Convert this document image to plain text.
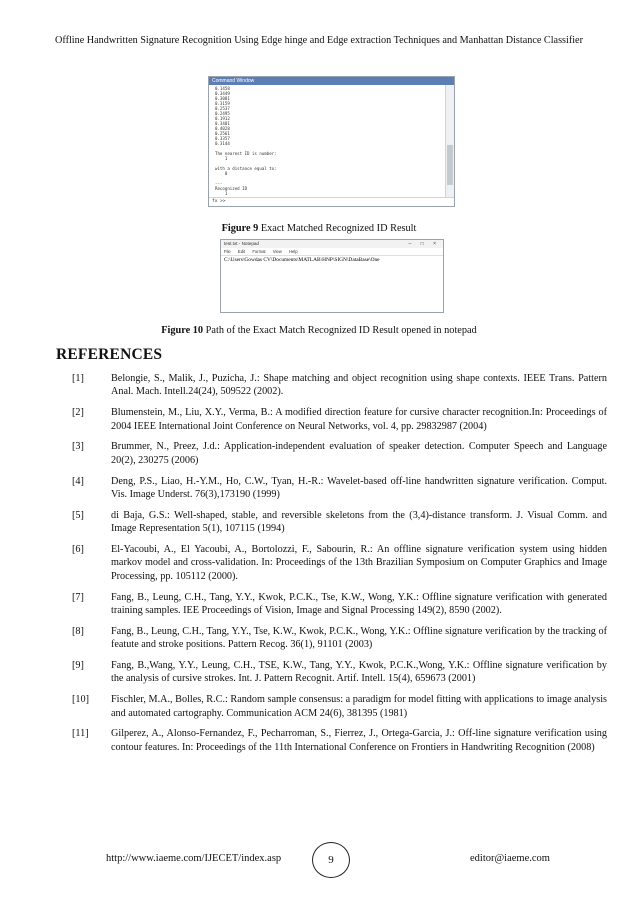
Offline Handwritten Signature Recognition Using Edge hinge and Edge extraction Techniques and Manhattan Distance Classifier
Command Window
0.1458
0.3449
0.3081
0.3159
0.2537
0.2495
0.1912
0.3401
0.4028
0.2561
0.3357
0.3144
The nearest ID is number:
1
with a distance equal to:
0
---
Recognized ID
1
fx >>
Figure 9 Exact Matched Recognized ID Result
test.txt - Notepad	– □ ×
File Edit Format View Help
C:\Users\Gowdas CV\Documents\MATLAB\HNP\SIGN\DataBase\One
Figure 10 Path of the Exact Match Recognized ID Result opened in notepad
REFERENCES
[1]	Belongie, S., Malik, J., Puzicha, J.: Shape matching and object recognition using shape contexts. IEEE Trans. Pattern Anal. Mach. Intell.24(24), 509522 (2002).
[2]	Blumenstein, M., Liu, X.Y., Verma, B.: A modified direction feature for cursive character recognition.In: Proceedings of 2004 IEEE International Joint Conference on Neural Networks, vol. 4, pp. 29832987 (2004)
[3]	Brummer, N., Preez, J.d.: Application-independent evaluation of speaker detection. Computer Speech and Language 20(2), 230275 (2006)
[4]	Deng, P.S., Liao, H.-Y.M., Ho, C.W., Tyan, H.-R.: Wavelet-based off-line handwritten signature verification. Comput. Vis. Image Underst. 76(3),173190 (1999)
[5]	di Baja, G.S.: Well-shaped, stable, and reversible skeletons from the (3,4)-distance transform. J. Visual Comm. and Image Representation 5(1), 107115 (1994)
[6]	El-Yacoubi, A., El Yacoubi, A., Bortolozzi, F., Sabourin, R.: An offline signature verification system using hidden markov model and cross-validation. In: Proceedings of the 13th Brazilian Symposium on Computer Graphics and Image Processing, pp. 105112 (2000).
[7]	Fang, B., Leung, C.H., Tang, Y.Y., Kwok, P.C.K., Tse, K.W., Wong, Y.K.: Offline signature verification with generated training samples. IEE Proceedings of Vision, Image and Signal Processing 149(2), 8590 (2002).
[8]	Fang, B., Leung, C.H., Tang, Y.Y., Tse, K.W., Kwok, P.C.K., Wong, Y.K.: Offline signature verification by the tracking of featute and stroke positions. Pattern Recog. 36(1), 91101 (2003)
[9]	Fang, B.,Wang, Y.Y., Leung, C.H., TSE, K.W., Tang, Y.Y., Kwok, P.C.K.,Wong, Y.K.: Offline signature verification by the analysis of cursive strokes. Int. J. Pattern Recognit. Artif. Intell. 15(4), 659673 (2001)
[10]	Fischler, M.A., Bolles, R.C.: Random sample consensus: a paradigm for model fitting with applications to image analysis and automated cartography. Communication ACM 24(6), 381395 (1981)
[11]	Gilperez, A., Alonso-Fernandez, F., Pecharroman, S., Fierrez, J., Ortega-Garcia, J.: Off-line signature verification using contour features. In: Proceedings of the 11th International Conference on Frontiers in Handwriting Recognition (2008)
http://www.iaeme.com/IJECET/index.asp	9	editor@iaeme.com
